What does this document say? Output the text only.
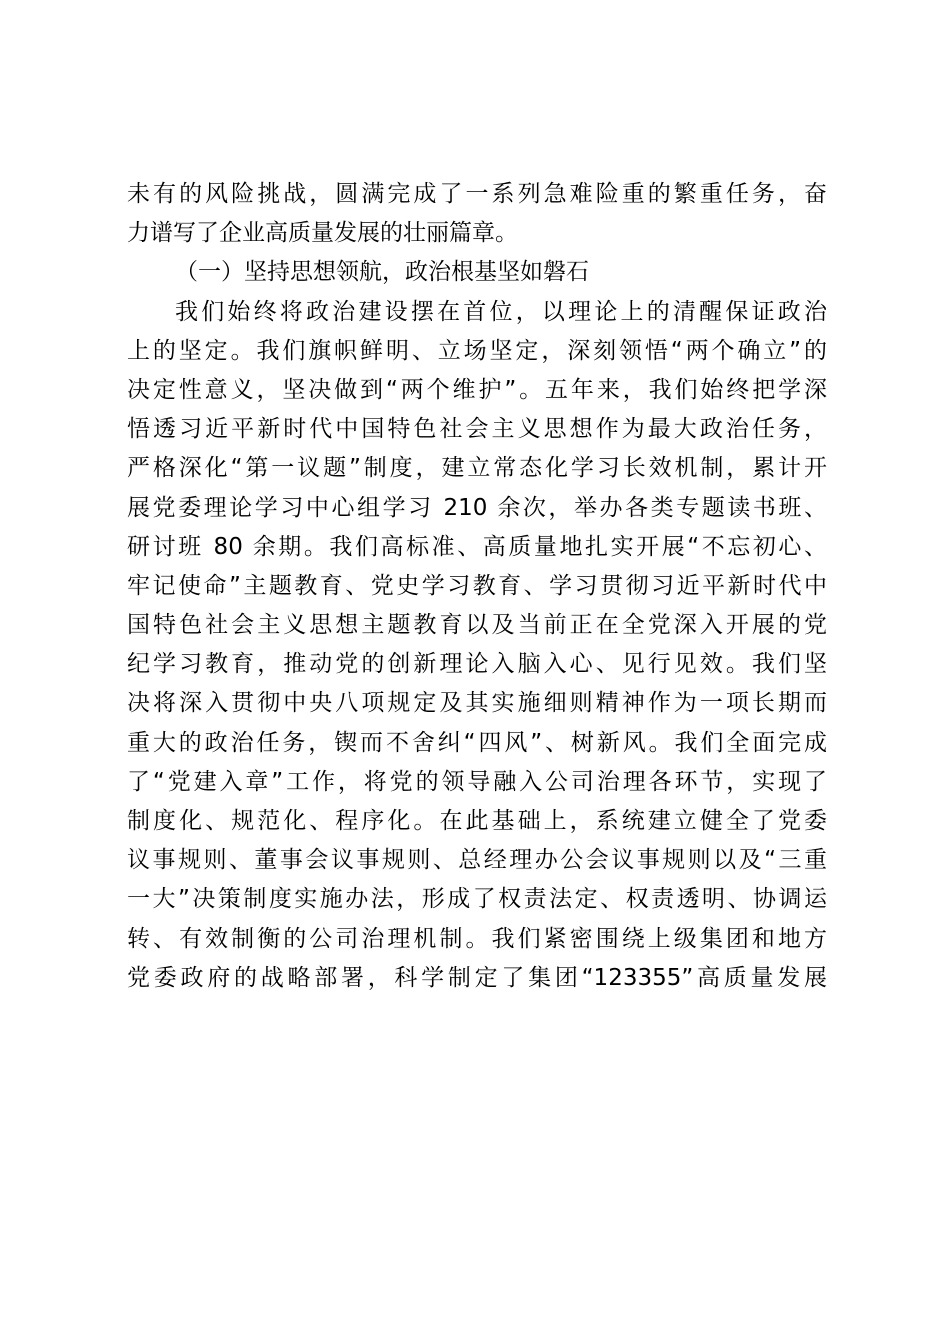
未有的风险挑战，圆满完成了一系列急难险重的繁重任务，奋
力谱写了企业高质量发展的壮丽篇章。
（一）坚持思想领航，政治根基坚如磐石
我们始终将政治建设摆在首位，以理论上的清醒保证政治
上的坚定。我们旗帜鲜明、立场坚定，深刻领悟“两个确立”的
决定性意义，坚决做到“两个维护”。五年来，我们始终把学深
悟透习近平新时代中国特色社会主义思想作为最大政治任务，
严格深化“第一议题”制度，建立常态化学习长效机制，累计开
展党委理论学习中心组学习 210 余次，举办各类专题读书班、
研讨班 80 余期。我们高标准、高质量地扎实开展“不忘初心、
牢记使命”主题教育、党史学习教育、学习贯彻习近平新时代中
国特色社会主义思想主题教育以及当前正在全党深入开展的党
纪学习教育，推动党的创新理论入脑入心、见行见效。我们坚
决将深入贯彻中央八项规定及其实施细则精神作为一项长期而
重大的政治任务，锲而不舍纠“四风”、树新风。我们全面完成
了“党建入章”工作，将党的领导融入公司治理各环节，实现了
制度化、规范化、程序化。在此基础上，系统建立健全了党委
议事规则、董事会议事规则、总经理办公会议事规则以及“三重
一大”决策制度实施办法，形成了权责法定、权责透明、协调运
转、有效制衡的公司治理机制。我们紧密围绕上级集团和地方
党委政府的战略部署，科学制定了集团“123355”高质量发展
